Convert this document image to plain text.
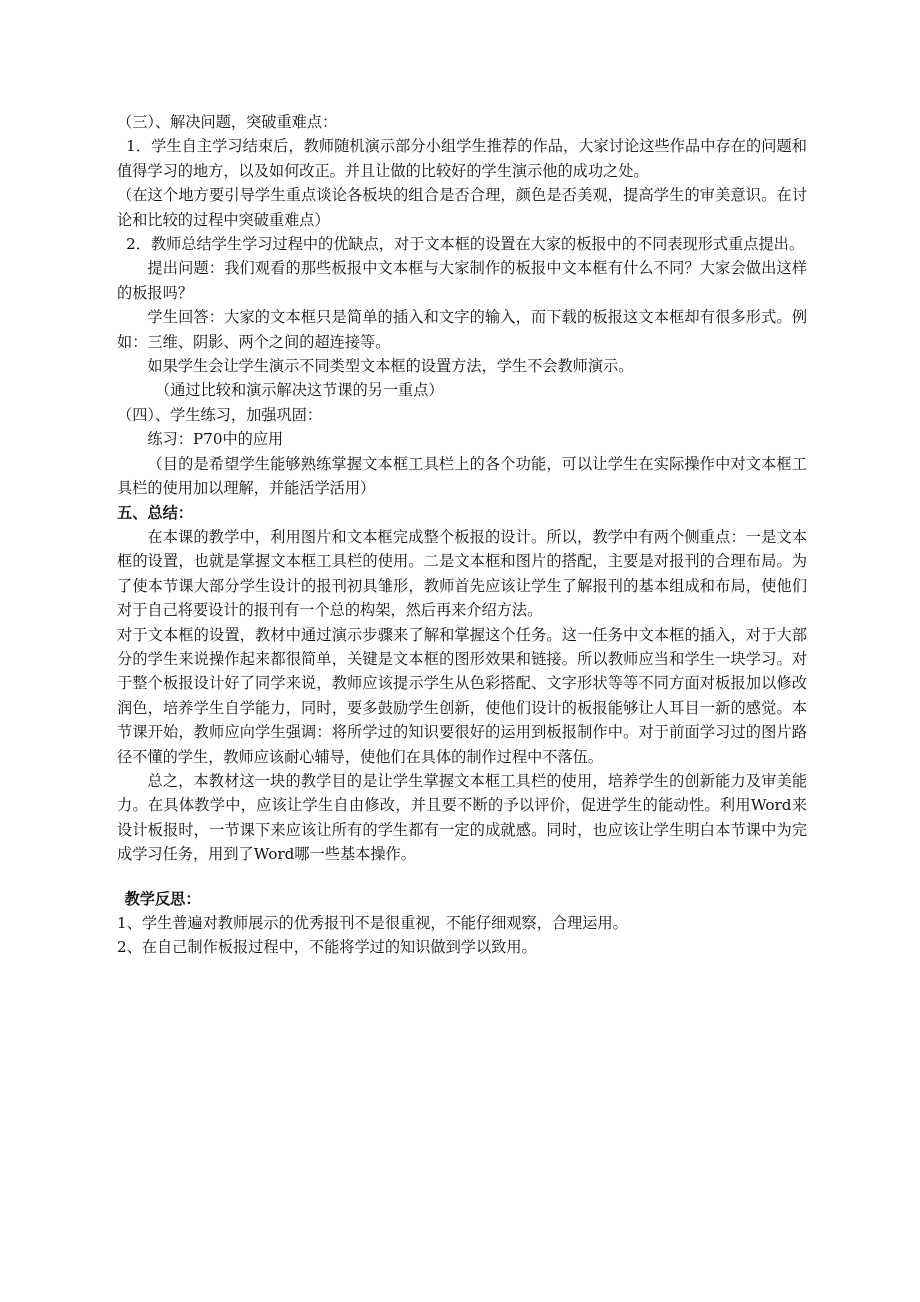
（三）、解决问题，突破重难点：

1．学生自主学习结束后，教师随机演示部分小组学生推荐的作品，大家讨论这些作品中存在的问题和值得学习的地方，以及如何改正。并且让做的比较好的学生演示他的成功之处。

（在这个地方要引导学生重点谈论各板块的组合是否合理，颜色是否美观，提高学生的审美意识。在讨论和比较的过程中突破重难点）

2．教师总结学生学习过程中的优缺点，对于文本框的设置在大家的板报中的不同表现形式重点提出。

提出问题：我们观看的那些板报中文本框与大家制作的板报中文本框有什么不同？大家会做出这样的板报吗？

学生回答：大家的文本框只是简单的插入和文字的输入，而下载的板报这文本框却有很多形式。例如：三维、阴影、两个之间的超连接等。

如果学生会让学生演示不同类型文本框的设置方法，学生不会教师演示。

（通过比较和演示解决这节课的另一重点）

（四）、学生练习，加强巩固：

练习：P70中的应用

（目的是希望学生能够熟练掌握文本框工具栏上的各个功能，可以让学生在实际操作中对文本框工具栏的使用加以理解，并能活学活用）

五、总结：

在本课的教学中，利用图片和文本框完成整个板报的设计。所以，教学中有两个侧重点：一是文本框的设置，也就是掌握文本框工具栏的使用。二是文本框和图片的搭配，主要是对报刊的合理布局。为了使本节课大部分学生设计的报刊初具雏形，教师首先应该让学生了解报刊的基本组成和布局，使他们对于自己将要设计的报刊有一个总的构架，然后再来介绍方法。

对于文本框的设置，教材中通过演示步骤来了解和掌握这个任务。这一任务中文本框的插入，对于大部分的学生来说操作起来都很简单，关键是文本框的图形效果和链接。所以教师应当和学生一块学习。对于整个板报设计好了同学来说，教师应该提示学生从色彩搭配、文字形状等等不同方面对板报加以修改润色，培养学生自学能力，同时，要多鼓励学生创新，使他们设计的板报能够让人耳目一新的感觉。本节课开始，教师应向学生强调：将所学过的知识要很好的运用到板报制作中。对于前面学习过的图片路径不懂的学生，教师应该耐心辅导，使他们在具体的制作过程中不落伍。

总之，本教材这一块的教学目的是让学生掌握文本框工具栏的使用，培养学生的创新能力及审美能力。在具体教学中，应该让学生自由修改，并且要不断的予以评价，促进学生的能动性。利用Word来设计板报时，一节课下来应该让所有的学生都有一定的成就感。同时，也应该让学生明白本节课中为完成学习任务，用到了Word哪一些基本操作。

教学反思：

1、学生普遍对教师展示的优秀报刊不是很重视，不能仔细观察，合理运用。

2、在自己制作板报过程中，不能将学过的知识做到学以致用。
